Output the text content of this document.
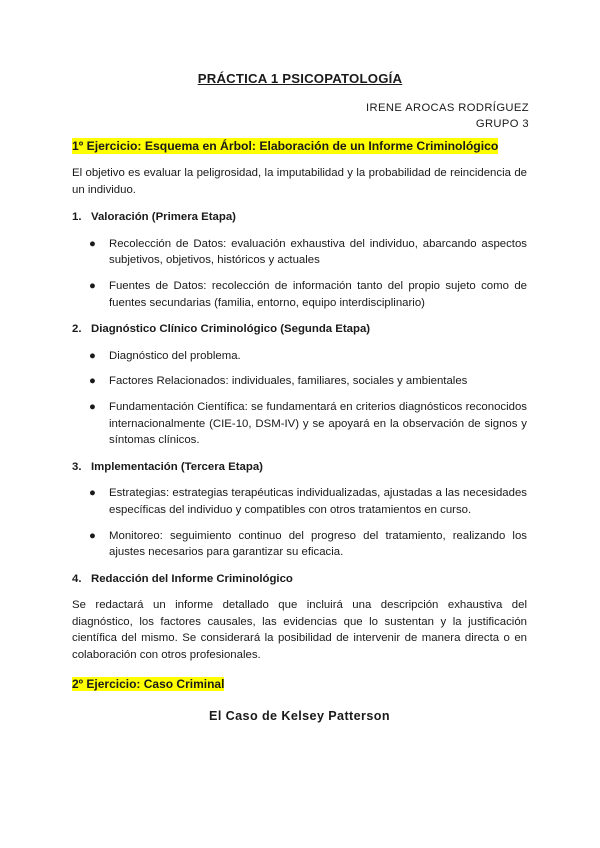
PRÁCTICA 1 PSICOPATOLOGÍA
IRENE AROCAS RODRÍGUEZ
GRUPO 3
1º Ejercicio: Esquema en Árbol: Elaboración de un Informe Criminológico
El objetivo es evaluar la peligrosidad, la imputabilidad y la probabilidad de reincidencia de un individuo.
1. Valoración (Primera Etapa)
● Recolección de Datos: evaluación exhaustiva del individuo, abarcando aspectos subjetivos, objetivos, históricos y actuales
● Fuentes de Datos: recolección de información tanto del propio sujeto como de fuentes secundarias (familia, entorno, equipo interdisciplinario)
2. Diagnóstico Clínico Criminológico (Segunda Etapa)
● Diagnóstico del problema.
● Factores Relacionados: individuales, familiares, sociales y ambientales
● Fundamentación Científica: se fundamentará en criterios diagnósticos reconocidos internacionalmente (CIE-10, DSM-IV) y se apoyará en la observación de signos y síntomas clínicos.
3. Implementación (Tercera Etapa)
● Estrategias: estrategias terapéuticas individualizadas, ajustadas a las necesidades específicas del individuo y compatibles con otros tratamientos en curso.
● Monitoreo: seguimiento continuo del progreso del tratamiento, realizando los ajustes necesarios para garantizar su eficacia.
4. Redacción del Informe Criminológico
Se redactará un informe detallado que incluirá una descripción exhaustiva del diagnóstico, los factores causales, las evidencias que lo sustentan y la justificación científica del mismo. Se considerará la posibilidad de intervenir de manera directa o en colaboración con otros profesionales.
2º Ejercicio: Caso Criminal
El Caso de Kelsey Patterson
